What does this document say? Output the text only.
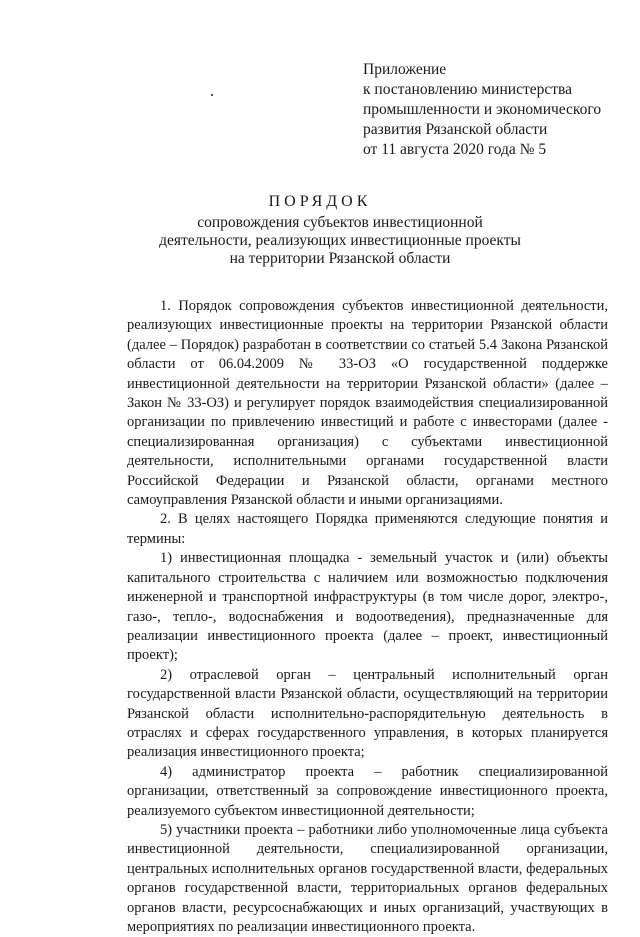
Приложение
к постановлению министерства
промышленности и экономического
развития Рязанской области
от 11 августа 2020 года № 5
ПОРЯДОК
сопровождения субъектов инвестиционной
деятельности, реализующих инвестиционные проекты
на территории Рязанской области

1. Порядок сопровождения субъектов инвестиционной деятельности, реализующих инвестиционные проекты на территории Рязанской области (далее – Порядок) разработан в соответствии со статьей 5.4 Закона Рязанской области от 06.04.2009 № 33-ОЗ «О государственной поддержке инвестиционной деятельности на территории Рязанской области» (далее – Закон № 33-ОЗ) и регулирует порядок взаимодействия специализированной организации по привлечению инвестиций и работе с инвесторами (далее - специализированная организация) с субъектами инвестиционной деятельности, исполнительными органами государственной власти Российской Федерации и Рязанской области, органами местного самоуправления Рязанской области и иными организациями.

2. В целях настоящего Порядка применяются следующие понятия и термины:

1) инвестиционная площадка - земельный участок и (или) объекты капитального строительства с наличием или возможностью подключения инженерной и транспортной инфраструктуры (в том числе дорог, электро-, газо-, тепло-, водоснабжения и водоотведения), предназначенные для реализации инвестиционного проекта (далее – проект, инвестиционный проект);

2) отраслевой орган – центральный исполнительный орган государственной власти Рязанской области, осуществляющий на территории Рязанской области исполнительно-распорядительную деятельность в отраслях и сферах государственного управления, в которых планируется реализация инвестиционного проекта;

4) администратор проекта – работник специализированной организации, ответственный за сопровождение инвестиционного проекта, реализуемого субъектом инвестиционной деятельности;

5) участники проекта – работники либо уполномоченные лица субъекта инвестиционной деятельности, специализированной организации, центральных исполнительных органов государственной власти, федеральных органов государственной власти, территориальных органов федеральных органов власти, ресурсоснабжающих и иных организаций, участвующих в мероприятиях по реализации инвестиционного проекта.
